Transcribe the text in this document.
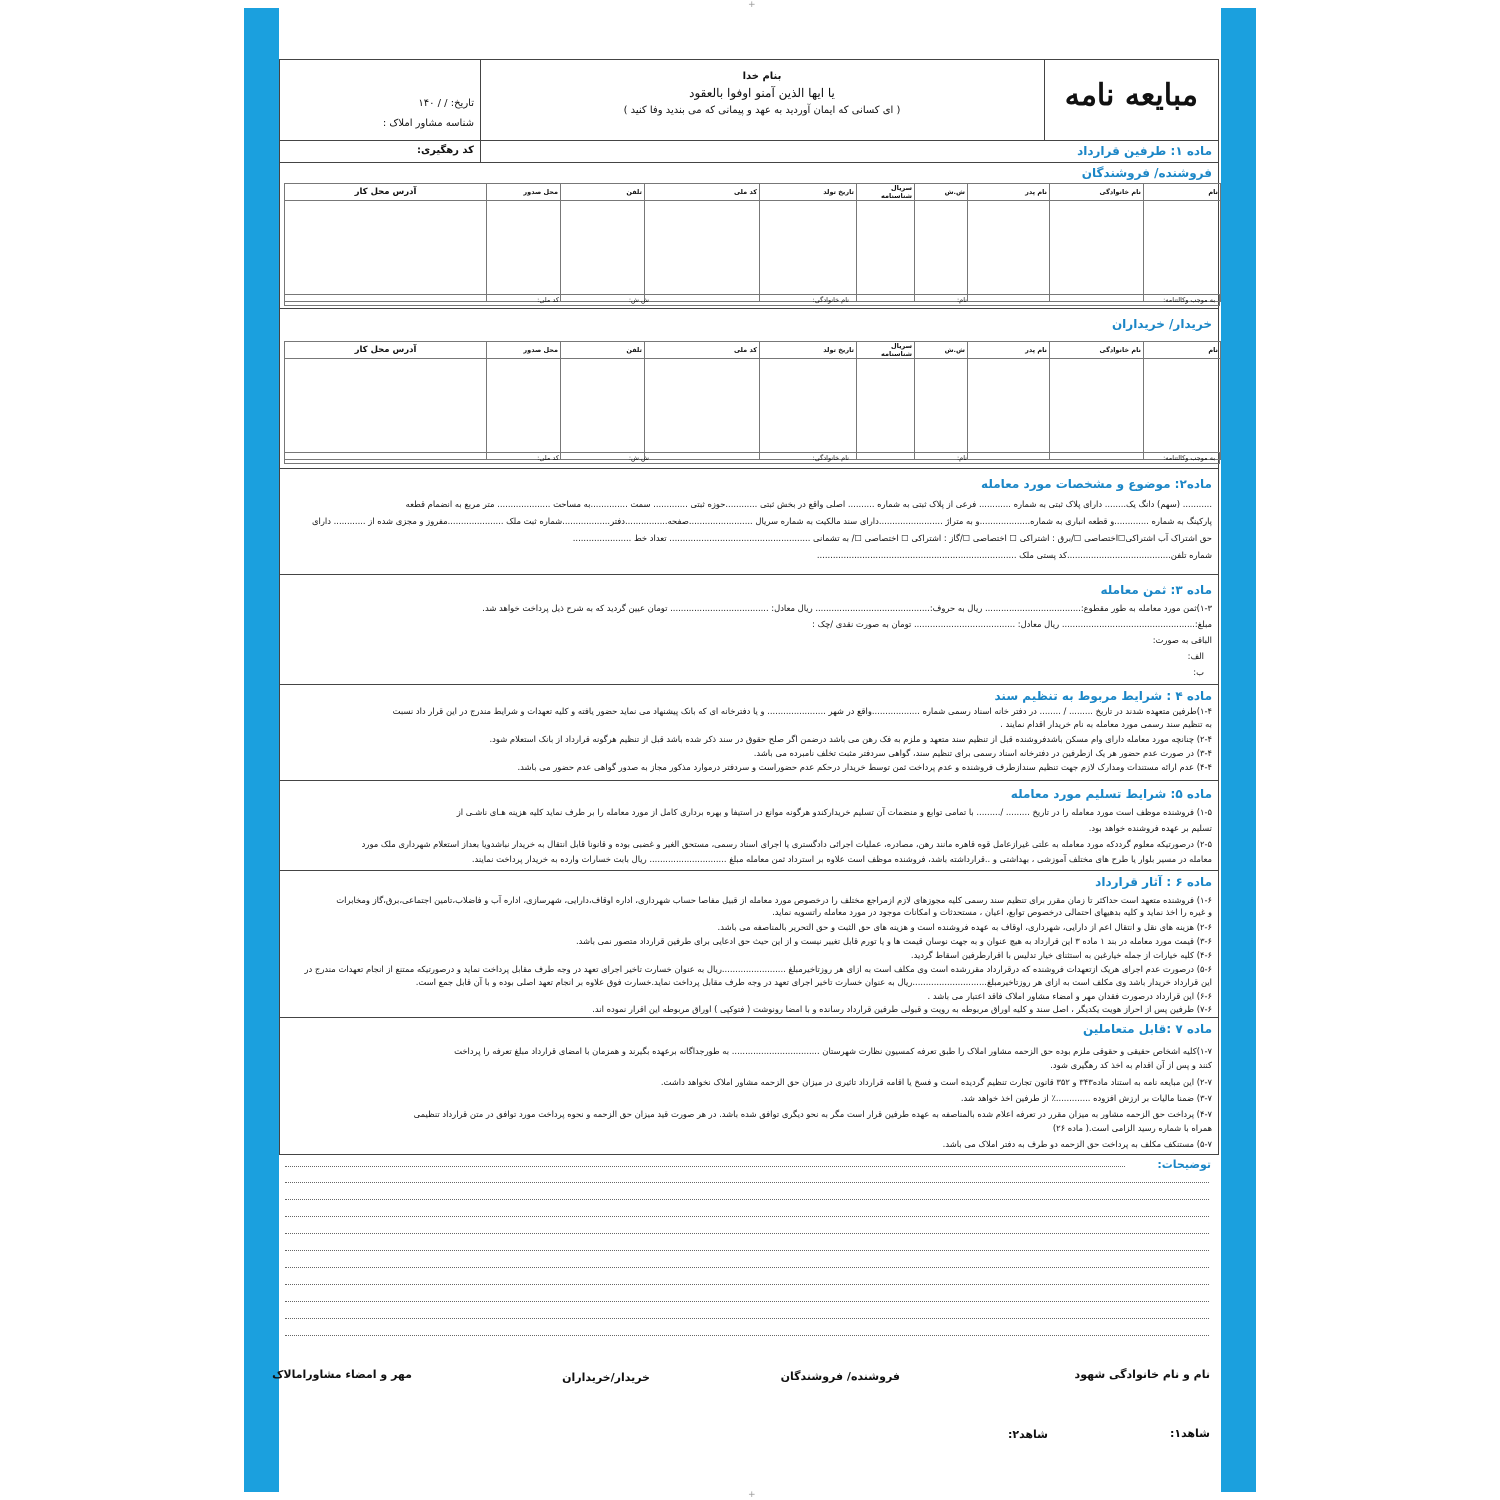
+
+
مبایعه نامه
بنام خدا
یا ایها الذین آمنو اوفوا بالعقود
( ای کسانی که ایمان آوردید به عهد و پیمانی که می بندید وفا کنید )
تاریخ: / / ۱۴۰
شناسه مشاور املاک :
کد رهگیری:	ماده ۱: طرفین قرارداد
فروشنده/ فروشندگان
نام	نام خانوادگی	نام پدر	ش.ش	سریال شناسنامه	تاریخ تولد	کد ملی	تلفن	محل صدور	آدرس محل کار

به موجب وکالتنامه:
نام:
نام خانوادگی:
ش.ش:
کد ملی:
خریدار/ خریداران
نام	نام خانوادگی	نام پدر	ش.ش	سریال شناسنامه	تاریخ تولد	کد ملی	تلفن	محل صدور	آدرس محل کار

به موجب وکالتنامه:
نام:
نام خانوادگی:
ش.ش:
کد ملی:
ماده۲: موضوع و مشخصات مورد معامله
........... (سهم) دانگ یک........ دارای پلاک ثبتی به شماره ............ فرعی از پلاک ثبتی به شماره .......... اصلی واقع در بخش ثبتی ............حوزه ثبتی ............. سمت ..............به مساحت .................... متر مربع به انضمام قطعه
پارکینگ به شماره .............و قطعه انباری به شماره...................و به متراژ ........................دارای سند مالکیت به شماره سریال ........................صفحه................دفتر..................شماره ثبت ملک .....................مفروز و مجزی شده از ............ دارای
حق اشتراک آب اشتراکی☐اختصاصی ☐/برق : اشتراکی ☐ اختصاصی ☐/گاز : اشتراکی ☐ اختصاصی ☐/ به تشمانی ..................................................... تعداد خط ......................
شماره تلفن.......................................کد پستی ملک ...........................................................................
ماده ۳: ثمن معامله
۱-۳)ثمن مورد معامله به طور مقطوع:.................................... ریال به حروف:........................................... ریال معادل: ..................................... تومان عیین گردید که به شرح ذیل پرداخت خواهد شد.
مبلغ:.................................................. ریال معادل: ...................................... تومان به صورت نقدی /چک :
الباقی به صورت:
الف:
ب:
ماده ۴ : شرایط مربوط به تنظیم سند
۱-۴)طرفین متعهده شدند در تاریخ ......... / ........ در دفتر خانه اسناد رسمی شماره ..................واقع در شهر ...................... و یا دفترخانه ای که بانک پیشنهاد می نماید حضور یافته و کلیه تعهدات و شرایط مندرج در این قرار داد نسبت
به تنظیم سند رسمی مورد معامله به نام خریدار اقدام نمایند .
۲-۴) چنانچه مورد معامله دارای وام مسکن باشدفروشنده قبل از تنظیم سند متعهد و ملزم به فک رهن می باشد درضمن اگر صلح حقوق در سند ذکر شده باشد قبل از تنظیم هرگونه قرارداد از بانک استعلام شود.
۳-۴) در صورت عدم حضور هر یک ازطرفین در دفترخانه اسناد رسمی برای تنظیم سند، گواهی سردفتر مثبت تخلف نامبرده می باشد.
۴-۴) عدم ارائه مستندات ومدارک لازم جهت تنظیم سندازطرف فروشنده و عدم پرداخت ثمن توسط خریدار درحکم عدم حضوراست و سردفتر درموارد مذکور مجاز به صدور گواهی عدم حضور می باشد.
ماده ۵: شرایط تسلیم مورد معامله
۱-۵) فروشنده موظف است مورد معامله را در تاریخ ......... /......... با تمامی توابع و منضمات آن تسلیم خریدارکندو هرگونه موانع در استیفا و بهره برداری کامل از مورد معامله را بر طرف نماید کلیه هزینه هـای ناشـی از
تسلیم بر عهده فروشنده خواهد بود.
۲-۵) درصورتیکه معلوم گرددکه مورد معامله به علتی غیرازعامل قوه قاهره مانند رهن، مصادره، عملیات اجرائی دادگستری یا اجرای اسناد رسمی، مستحق الغیر و غضبی بوده و قانونا قابل انتقال به خریدار نباشدویا بعداز استعلام شهرداری ملک مورد
معامله در مسیر بلوار یا طرح های مختلف آموزشی ، بهداشتی و ..قرارداشته باشد، فروشنده موظف است علاوه بر استرداد ثمن معامله مبلغ ............................. ریال بابت خسارات وارده به خریدار پرداخت نمایند.
ماده ۶ : آثار قرارداد
۱-۶) فروشنده متعهد است حداکثر تا زمان مقرر برای تنظیم سند رسمی کلیه مجوزهای لازم ازمراجع مختلف را درخصوص مورد معامله از قبیل مفاصا حساب شهرداری، اداره اوقاف،دارایی، شهرسازی، اداره آب و فاضلاب،تامین اجتماعی،برق،گاز ومخابرات
و غیره را اخذ نماید و کلیه بدهیهای احتمالی درخصوص توابع، اعیان ، مستحدثات و امکانات موجود در مورد معامله راتسویه نماید.
۲-۶) هزینه های نقل و انتقال اعم از دارایی، شهرداری، اوقاف به عهده فروشنده است و هزینه های حق الثبت و حق التحریر بالمناصفه می باشد.
۳-۶) قیمت مورد معامله در بند ۱ ماده ۳ این قرارداد به هیچ عنوان و به جهت نوسان قیمت ها و یا تورم قابل تغییر نیست و از این حیث حق ادعایی برای طرفین قرارداد متصور نمی باشد.
۴-۶) کلیه خیارات از جمله خیارغبن به استثنای خیار تدلیس با اقرارطرفین اسقاط گردید.
۵-۶) درصورت عدم اجرای هریک ازتعهدات فروشنده که درقرارداد مقررشده است وی مکلف است به ازای هر روزتاخیرمبلغ ........................ریال به عنوان خسارت تاخیر اجرای تعهد در وجه طرف مقابل پرداخت نماید و درصورتیکه ممتنع از انجام تعهدات مندرج در
این قرارداد خریدار باشد وی مکلف است به ازای هر روزتاخیرمبلغ............................ریال به عنوان خسارت تاخیر اجرای تعهد در وجه طرف مقابل پرداخت نماید.خسارت فوق علاوه بر انجام تعهد اصلی بوده و با آن قابل جمع است.
۶-۶) این قرارداد درصورت فقدان مهر و امضاء مشاور املاک فاقد اعتبار می باشد .
۷-۶) طرفین پس از احراز هویت یکدیگر ، اصل سند و کلیه اوراق مربوطه به رویت و قبولی طرفین قرارداد رسانده و با امضا رونوشت ( فتوکپی ) اوراق مربوطه این اقرار نموده اند.
ماده ۷ :قابل متعاملین
۱-۷)کلیه اشخاص حقیقی و حقوقی ملزم بوده حق الزحمه مشاور املاک را طبق تعرفه کمسیون نظارت شهرستان ................................. به طورجداگانه برعهده بگیرند و همزمان با امضای قرارداد مبلغ تعرفه را پرداخت
کنند و پس از آن اقدام به اخذ کد رهگیری شود.
۲-۷) این مبایعه نامه به استناد ماده۳۴۳ و ۳۵۲ قانون تجارت تنظیم گردیده است و فسخ یا اقامه قرارداد تاثیری در میزان حق الزحمه مشاور املاک نخواهد داشت.
۳-۷) ضمنا مالیات بر ارزش افزوده .............٪ از طرفین اخذ خواهد شد.
۴-۷) پرداخت حق الزحمه مشاور به میزان مقرر در تعرفه اعلام شده بالمناصفه به عهده طرفین قرار است مگر به نحو دیگری توافق شده باشد. در هر صورت قید میزان حق الزحمه و نحوه پرداخت مورد توافق در متن قرارداد تنظیمی
همراه با شماره رسید الزامی است.( ماده ۲۶)
۵-۷) مستنکف مکلف به پرداخت حق الزحمه دو طرف به دفتر املاک می باشد.
توضیحات:
نام و نام خانوادگی شهود
فروشنده/ فروشندگان
خریدار/خریداران
مهر و امضاء مشاورامالاک
شاهد۱:
شاهد۲:
